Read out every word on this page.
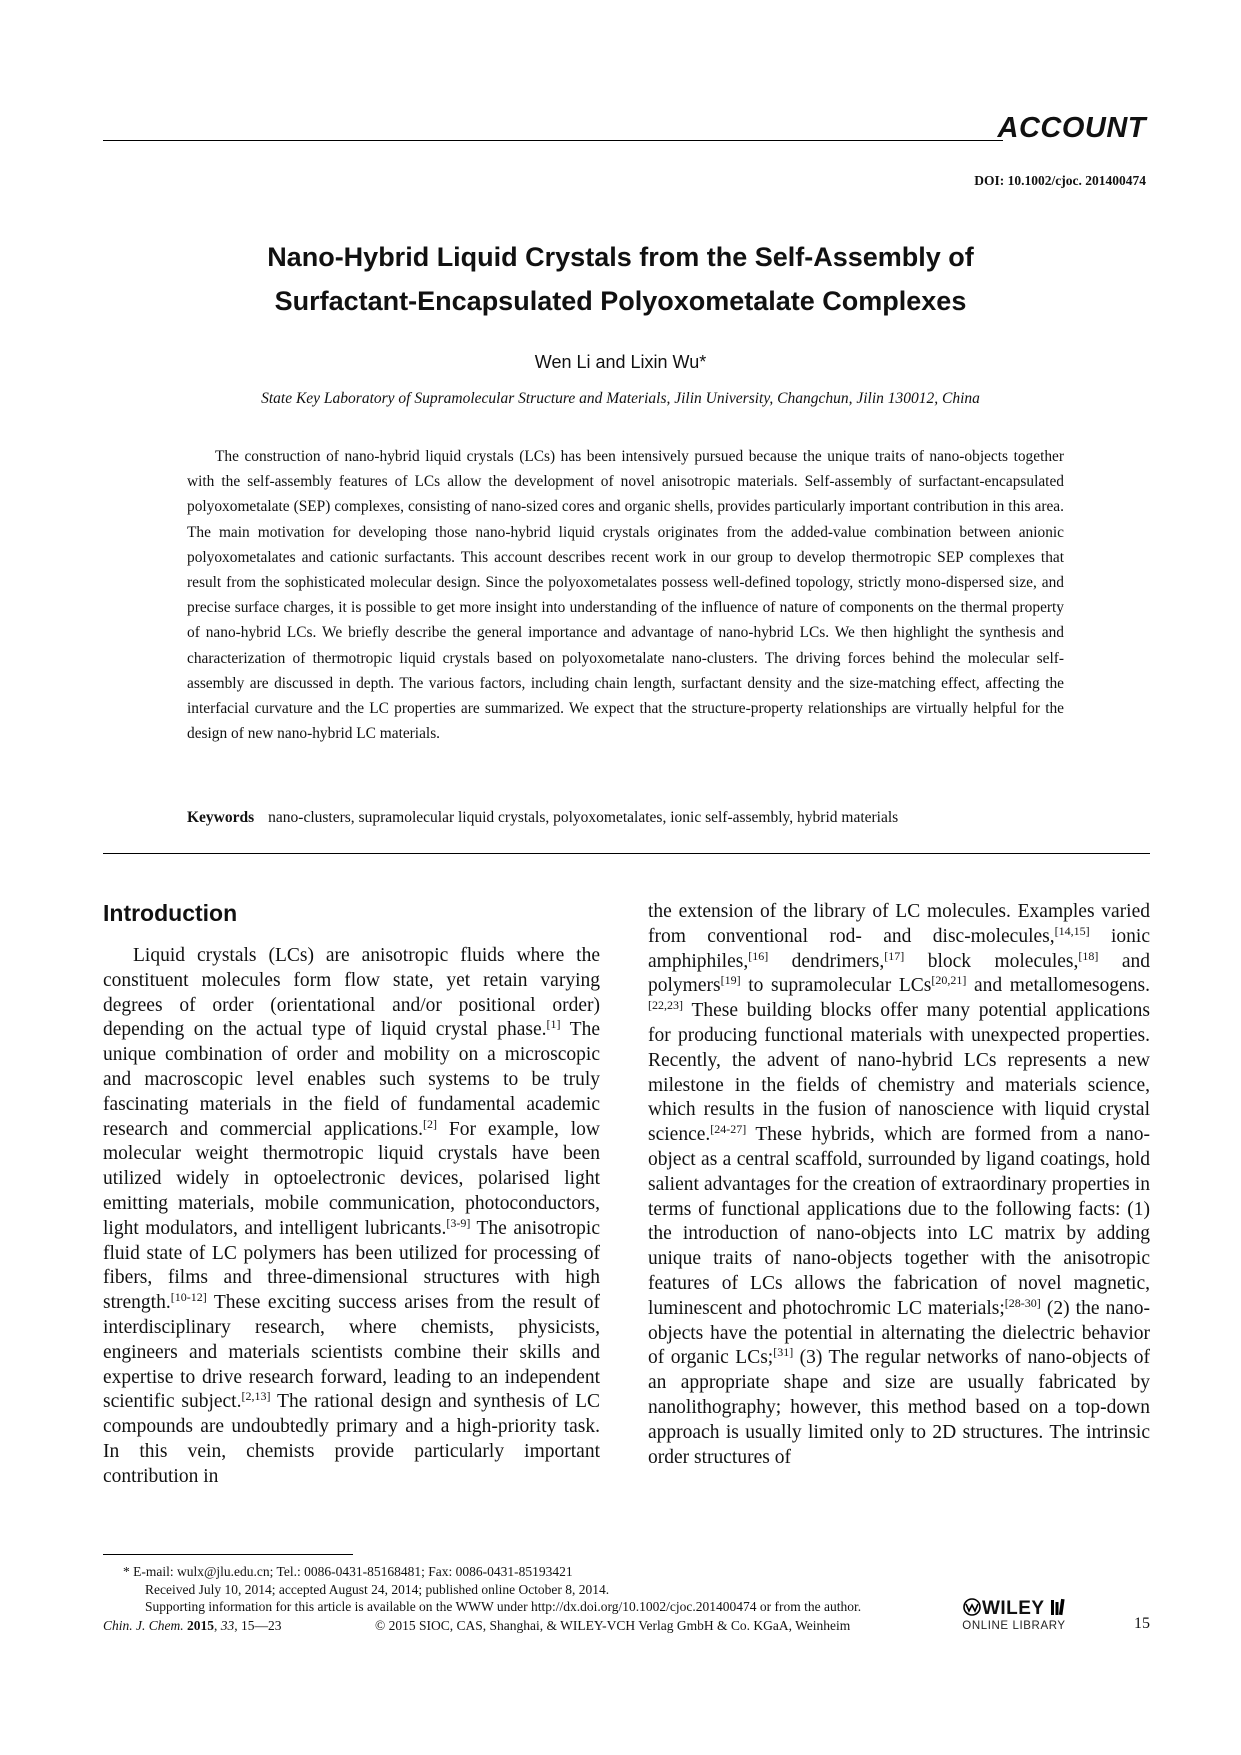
ACCOUNT
DOI: 10.1002/cjoc. 201400474
Nano-Hybrid Liquid Crystals from the Self-Assembly of
Surfactant-Encapsulated Polyoxometalate Complexes
Wen Li and Lixin Wu*
State Key Laboratory of Supramolecular Structure and Materials, Jilin University, Changchun, Jilin 130012, China

The construction of nano-hybrid liquid crystals (LCs) has been intensively pursued because the unique traits of nano-objects together with the self-assembly features of LCs allow the development of novel anisotropic materials. Self-assembly of surfactant-encapsulated polyoxometalate (SEP) complexes, consisting of nano-sized cores and organic shells, provides particularly important contribution in this area. The main motivation for developing those nano-hybrid liquid crystals originates from the added-value combination between anionic polyoxometalates and cationic surfactants. This account describes recent work in our group to develop thermotropic SEP complexes that result from the sophisticated molecular design. Since the polyoxometalates possess well-defined topology, strictly mono-dispersed size, and precise surface charges, it is possible to get more insight into understanding of the influence of nature of components on the thermal property of nano-hybrid LCs. We briefly describe the general importance and advantage of nano-hybrid LCs. We then highlight the synthesis and characterization of thermotropic liquid crystals based on polyoxometalate nano-clusters. The driving forces behind the molecular self-assembly are discussed in depth. The various factors, including chain length, surfactant density and the size-matching effect, affecting the interfacial curvature and the LC properties are summarized. We expect that the structure-property relationships are virtually helpful for the design of new nano-hybrid LC materials.

Keywords nano-clusters, supramolecular liquid crystals, polyoxometalates, ionic self-assembly, hybrid materials
Introduction

Liquid crystals (LCs) are anisotropic fluids where the constituent molecules form flow state, yet retain varying degrees of order (orientational and/or positional order) depending on the actual type of liquid crystal phase.[1] The unique combination of order and mobility on a microscopic and macroscopic level enables such systems to be truly fascinating materials in the field of fundamental academic research and commercial applications.[2] For example, low molecular weight thermotropic liquid crystals have been utilized widely in optoelectronic devices, polarised light emitting materials, mobile communication, photoconductors, light modulators, and intelligent lubricants.[3-9] The anisotropic fluid state of LC polymers has been utilized for processing of fibers, films and three-dimensional structures with high strength.[10-12] These exciting success arises from the result of interdisciplinary research, where chemists, physicists, engineers and materials scientists combine their skills and expertise to drive research forward, leading to an independent scientific subject.[2,13] The rational design and synthesis of LC compounds are undoubtedly primary and a high-priority task. In this vein, chemists provide particularly important contribution in

the extension of the library of LC molecules. Examples varied from conventional rod- and disc-molecules,[14,15] ionic amphiphiles,[16] dendrimers,[17] block molecules,[18] and polymers[19] to supramolecular LCs[20,21] and metallomesogens.[22,23] These building blocks offer many potential applications for producing functional materials with unexpected properties. Recently, the advent of nano-hybrid LCs represents a new milestone in the fields of chemistry and materials science, which results in the fusion of nanoscience with liquid crystal science.[24-27] These hybrids, which are formed from a nano-object as a central scaffold, surrounded by ligand coatings, hold salient advantages for the creation of extraordinary properties in terms of functional applications due to the following facts: (1) the introduction of nano-objects into LC matrix by adding unique traits of nano-objects together with the anisotropic features of LCs allows the fabrication of novel magnetic, luminescent and photochromic LC materials;[28-30] (2) the nano-objects have the potential in alternating the dielectric behavior of organic LCs;[31] (3) The regular networks of nano-objects of an appropriate shape and size are usually fabricated by nanolithography; however, this method based on a top-down approach is usually limited only to 2D structures. The intrinsic order structures of

* E-mail: wulx@jlu.edu.cn; Tel.: 0086-0431-85168481; Fax: 0086-0431-85193421
Received July 10, 2014; accepted August 24, 2014; published online October 8, 2014.
Supporting information for this article is available on the WWW under http://dx.doi.org/10.1002/cjoc.201400474 or from the author.
Chin. J. Chem. 2015, 33, 15—23	© 2015 SIOC, CAS, Shanghai, & WILEY-VCH Verlag GmbH & Co. KGaA, Weinheim
WILEY
ONLINE LIBRARY	15
